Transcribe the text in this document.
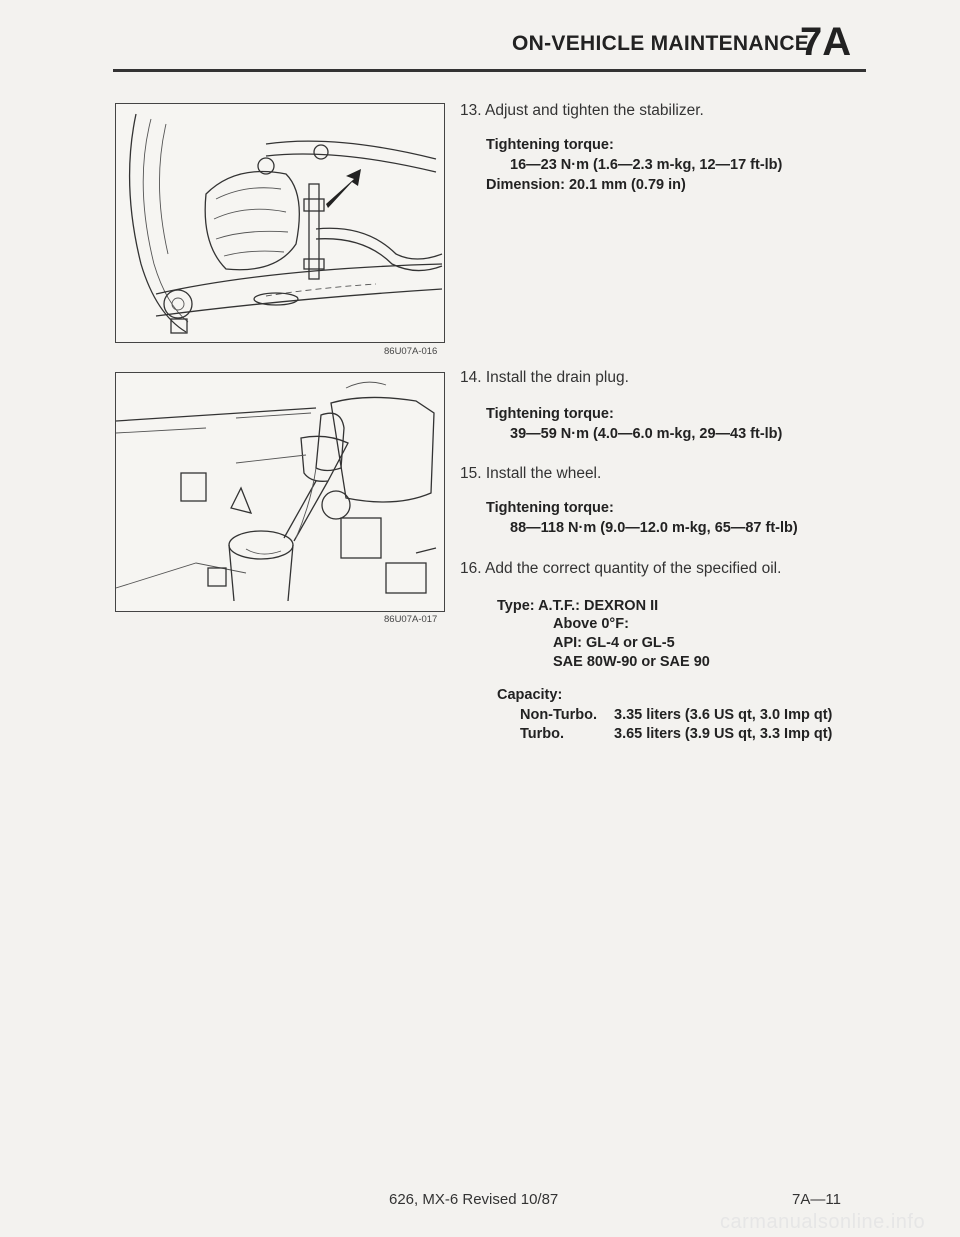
ON-VEHICLE MAINTENANCE
7A
86U07A-016
86U07A-017
13. Adjust and tighten the stabilizer.
Tightening torque:
16—23 N·m (1.6—2.3 m-kg, 12—17 ft-lb)
Dimension: 20.1 mm (0.79 in)
14. Install the drain plug.
Tightening torque:
39—59 N·m (4.0—6.0 m-kg, 29—43 ft-lb)
15. Install the wheel.
Tightening torque:
88—118 N·m (9.0—12.0 m-kg, 65—87 ft-lb)
16. Add the correct quantity of the specified oil.
Type: A.T.F.: DEXRON II
Above 0°F:
API: GL-4 or GL-5
SAE 80W-90 or SAE 90
Capacity:
Non-Turbo. 3.35 liters (3.6 US qt, 3.0 Imp qt)
Turbo.	3.65 liters (3.9 US qt, 3.3 Imp qt)
626, MX-6 Revised 10/87	7A—11
carmanualsonline.info
